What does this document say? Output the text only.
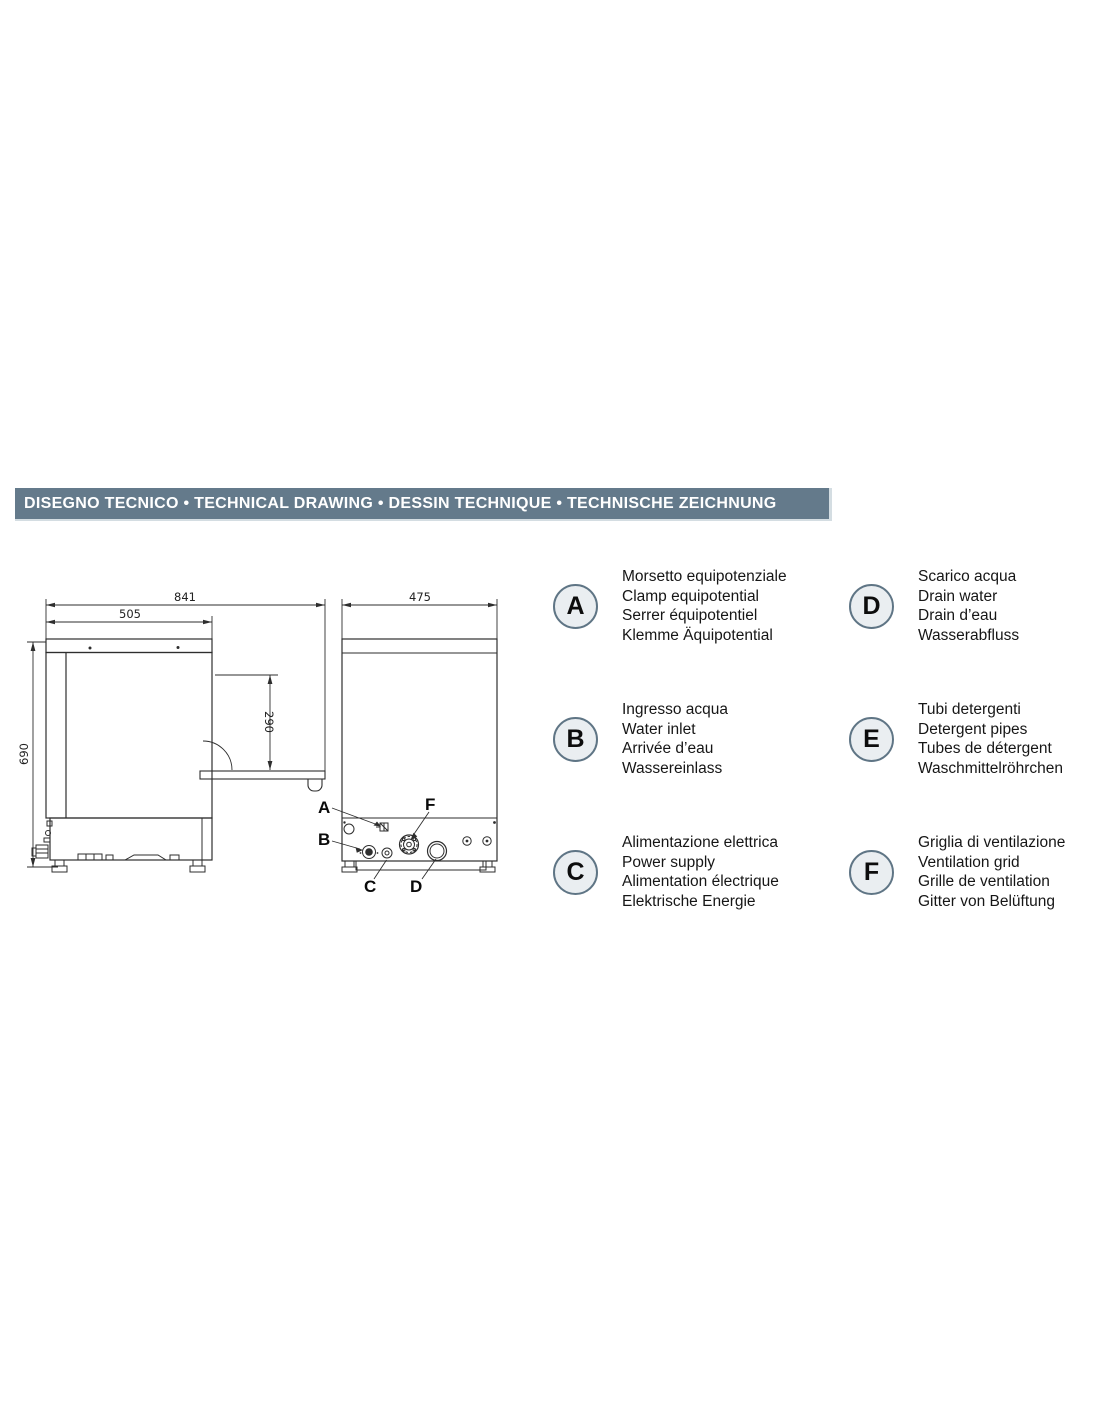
DISEGNO TECNICO • TECHNICAL DRAWING • DESSIN TECHNIQUE • TECHNISCHE ZEICHNUNG
841
505
690
290
475
A
B
C D
F
A
Morsetto equipotenziale
Clamp equipotential
Serrer équipotentiel
Klemme Äquipotential
B
Ingresso acqua
Water inlet
Arrivée d’eau
Wassereinlass
C
Alimentazione elettrica
Power supply
Alimentation électrique
Elektrische Energie
D
Scarico acqua
Drain water
Drain d’eau
Wasserabfluss
E
Tubi detergenti
Detergent pipes
Tubes de détergent
Waschmittelröhrchen
F
Griglia di ventilazione
Ventilation grid
Grille de ventilation
Gitter von Belüftung
